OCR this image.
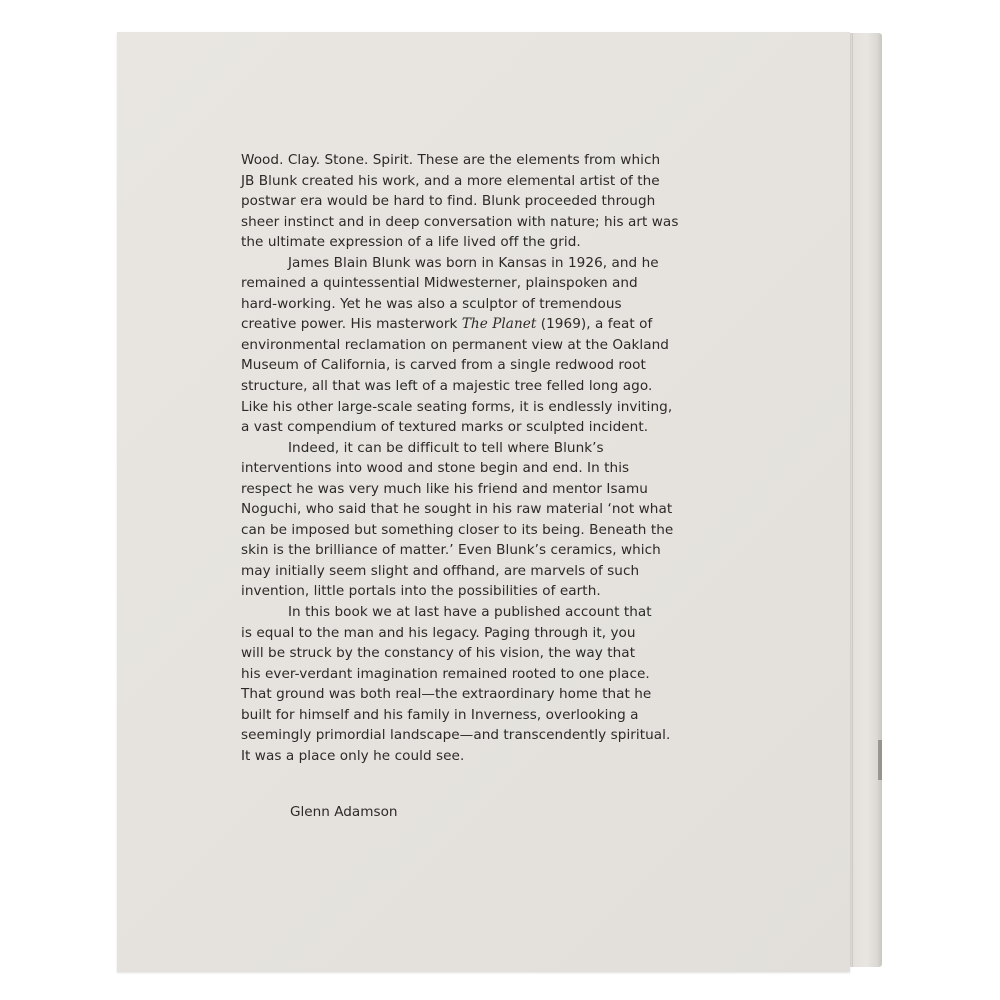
Wood. Clay. Stone. Spirit. These are the elements from which
JB Blunk created his work, and a more elemental artist of the
postwar era would be hard to find. Blunk proceeded through
sheer instinct and in deep conversation with nature; his art was
the ultimate expression of a life lived off the grid.
James Blain Blunk was born in Kansas in 1926, and he
remained a quintessential Midwesterner, plainspoken and
hard-working. Yet he was also a sculptor of tremendous
creative power. His masterwork The Planet (1969), a feat of
environmental reclamation on permanent view at the Oakland
Museum of California, is carved from a single redwood root
structure, all that was left of a majestic tree felled long ago.
Like his other large-scale seating forms, it is endlessly inviting,
a vast compendium of textured marks or sculpted incident.
Indeed, it can be difficult to tell where Blunk’s
interventions into wood and stone begin and end. In this
respect he was very much like his friend and mentor Isamu
Noguchi, who said that he sought in his raw material ‘not what
can be imposed but something closer to its being. Beneath the
skin is the brilliance of matter.’ Even Blunk’s ceramics, which
may initially seem slight and offhand, are marvels of such
invention, little portals into the possibilities of earth.
In this book we at last have a published account that
is equal to the man and his legacy. Paging through it, you
will be struck by the constancy of his vision, the way that
his ever-verdant imagination remained rooted to one place.
That ground was both real—the extraordinary home that he
built for himself and his family in Inverness, overlooking a
seemingly primordial landscape—and transcendently spiritual.
It was a place only he could see.
Glenn Adamson
